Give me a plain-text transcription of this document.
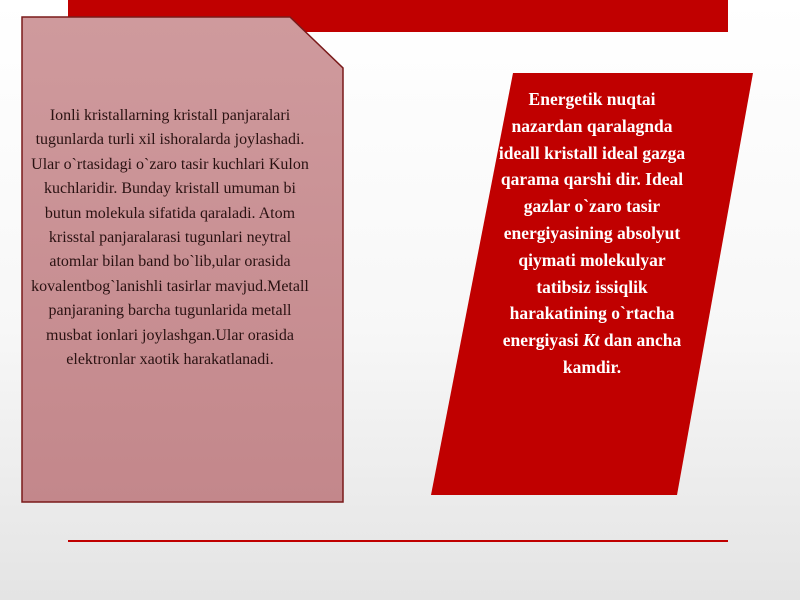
Ionli kristallarning kristall panjaralari tugunlarda turli xil ishoralarda joylashadi. Ular o`rtasidagi o`zaro tasir kuchlari Kulon kuchlaridir. Bunday kristall umuman bi butun molekula sifatida qaraladi. Atom krisstal panjaralarasi tugunlari neytral atomlar bilan band bo`lib,ular orasida kovalentbog`lanishli tasirlar mavjud.Metall panjaraning barcha tugunlarida metall musbat ionlari joylashgan.Ular orasida elektronlar xaotik harakatlanadi.

Energetik nuqtai nazardan qaralagnda ideall kristall ideal gazga qarama qarshi dir. Ideal gazlar o`zaro tasir energiyasining absolyut qiymati molekulyar tatibsiz issiqlik harakatining o`rtacha energiyasi Kt dan ancha kamdir.
